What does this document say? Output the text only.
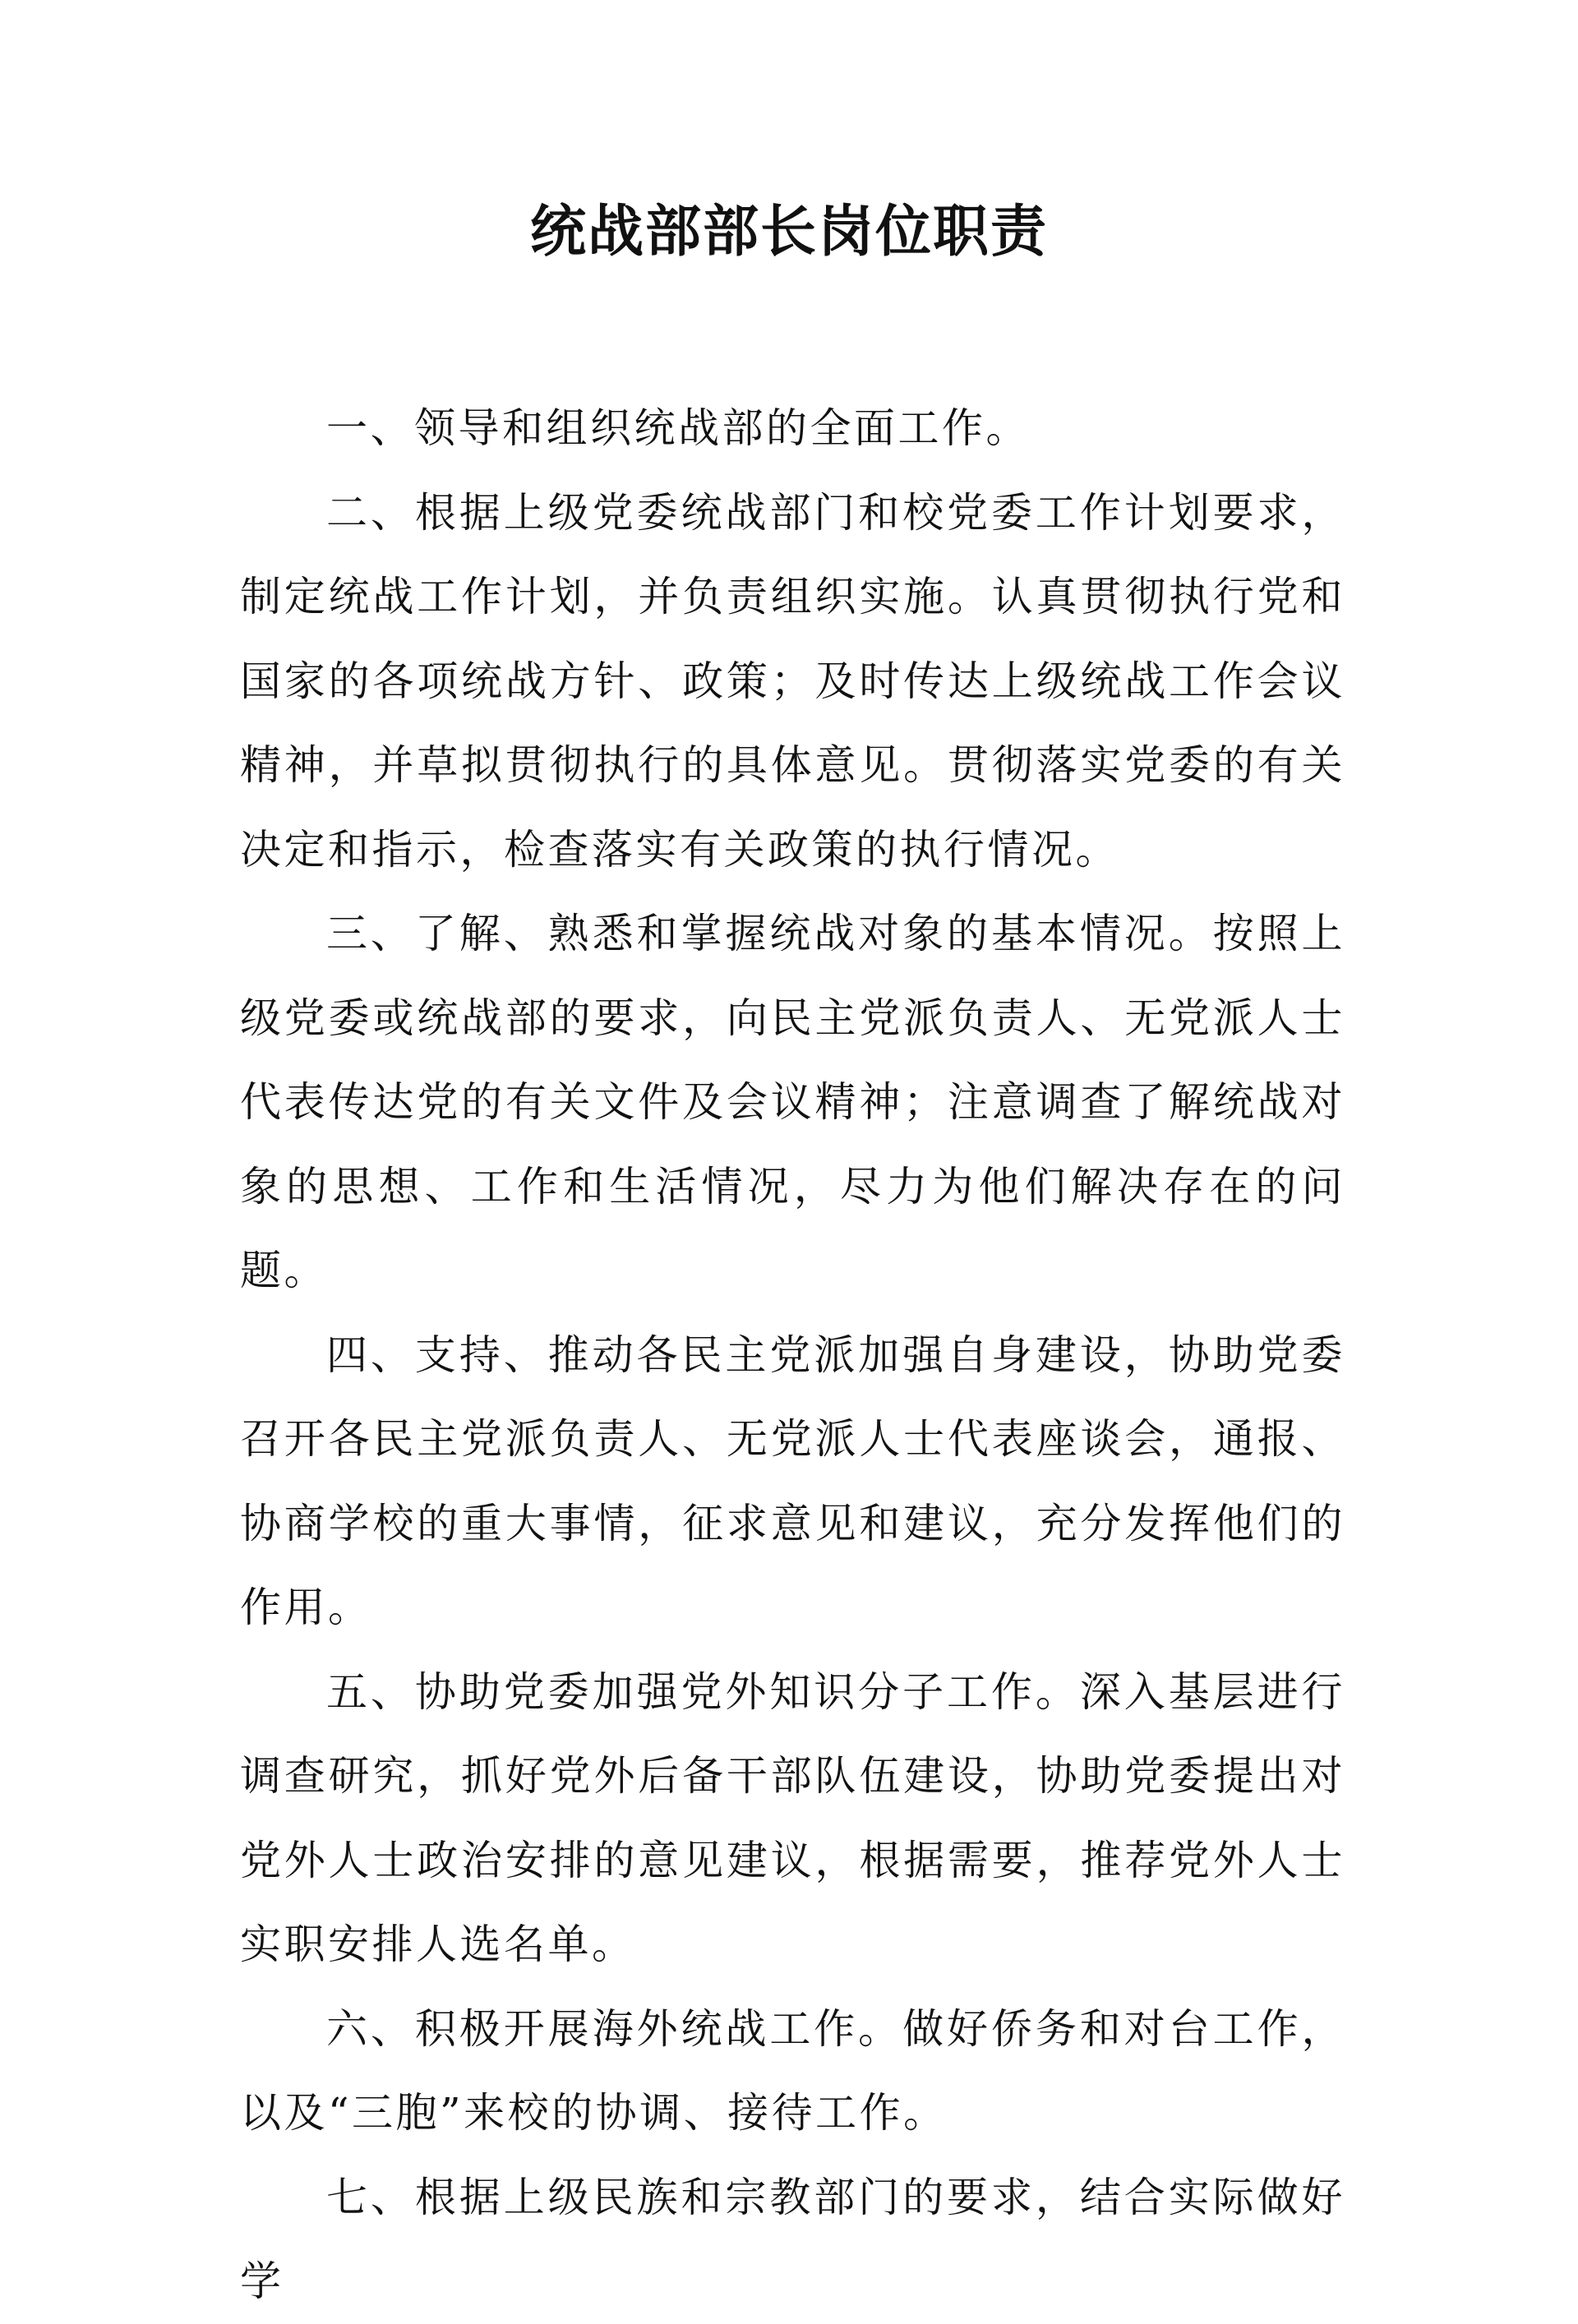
统战部部长岗位职责

一、领导和组织统战部的全面工作。

二、根据上级党委统战部门和校党委工作计划要求，制定统战工作计划，并负责组织实施。认真贯彻执行党和国家的各项统战方针、政策；及时传达上级统战工作会议精神，并草拟贯彻执行的具体意见。贯彻落实党委的有关决定和指示，检查落实有关政策的执行情况。

三、了解、熟悉和掌握统战对象的基本情况。按照上级党委或统战部的要求，向民主党派负责人、无党派人士代表传达党的有关文件及会议精神；注意调查了解统战对象的思想、工作和生活情况，尽力为他们解决存在的问题。

四、支持、推动各民主党派加强自身建设，协助党委召开各民主党派负责人、无党派人士代表座谈会，通报、协商学校的重大事情，征求意见和建议，充分发挥他们的作用。

五、协助党委加强党外知识分子工作。深入基层进行调查研究，抓好党外后备干部队伍建设，协助党委提出对党外人士政治安排的意见建议，根据需要，推荐党外人士实职安排人选名单。

六、积极开展海外统战工作。做好侨务和对台工作，以及“三胞”来校的协调、接待工作。

七、根据上级民族和宗教部门的要求，结合实际做好学
